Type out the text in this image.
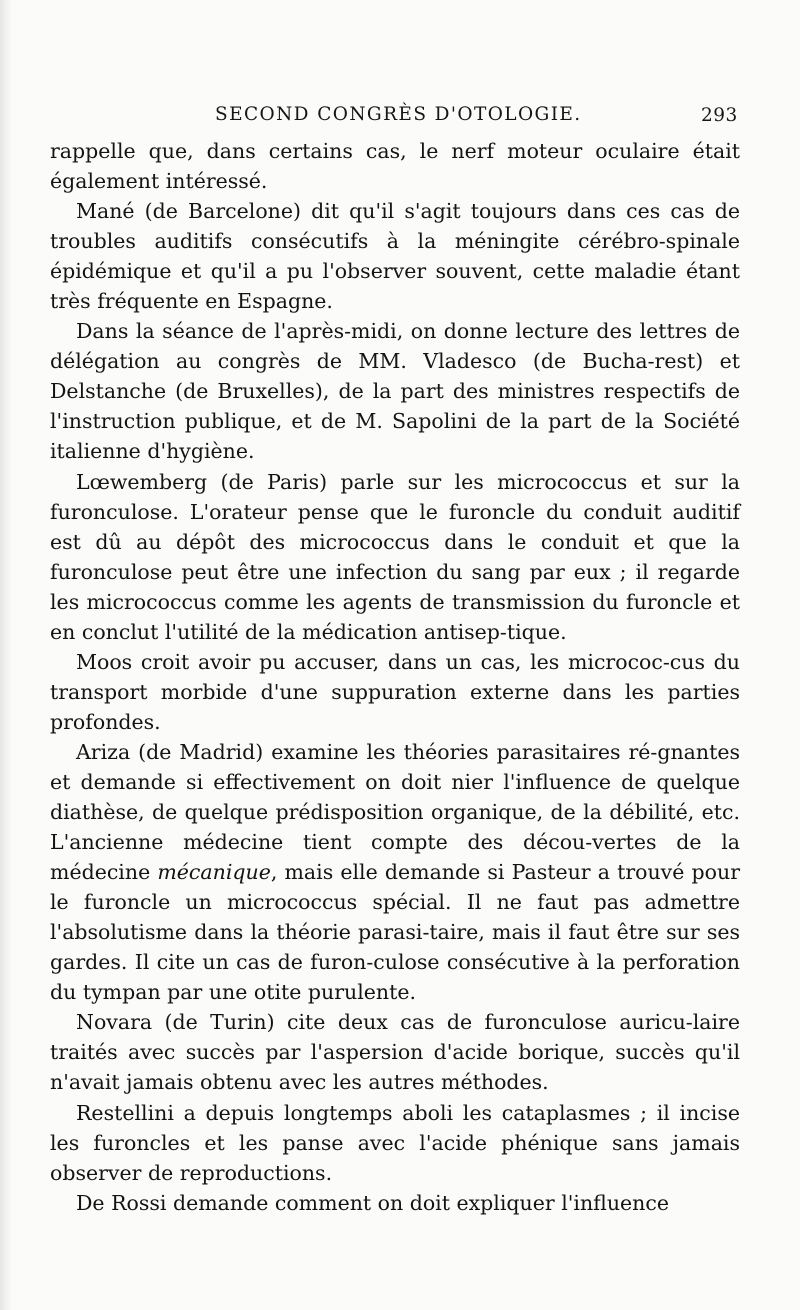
SECOND CONGRÈS D'OTOLOGIE.	293

rappelle que, dans certains cas, le nerf moteur oculaire était également intéressé.

Mané (de Barcelone) dit qu'il s'agit toujours dans ces cas de troubles auditifs consécutifs à la méningite cérébro-spinale épidémique et qu'il a pu l'observer souvent, cette maladie étant très fréquente en Espagne.

Dans la séance de l'après-midi, on donne lecture des lettres de délégation au congrès de MM. Vladesco (de Bucha-rest) et Delstanche (de Bruxelles), de la part des ministres respectifs de l'instruction publique, et de M. Sapolini de la part de la Société italienne d'hygiène.

Lœwemberg (de Paris) parle sur les micrococcus et sur la furonculose. L'orateur pense que le furoncle du conduit auditif est dû au dépôt des micrococcus dans le conduit et que la furonculose peut être une infection du sang par eux ; il regarde les micrococcus comme les agents de transmission du furoncle et en conclut l'utilité de la médication antisep-tique.

Moos croit avoir pu accuser, dans un cas, les micrococ-cus du transport morbide d'une suppuration externe dans les parties profondes.

Ariza (de Madrid) examine les théories parasitaires ré-gnantes et demande si effectivement on doit nier l'influence de quelque diathèse, de quelque prédisposition organique, de la débilité, etc. L'ancienne médecine tient compte des décou-vertes de la médecine mécanique, mais elle demande si Pasteur a trouvé pour le furoncle un micrococcus spécial. Il ne faut pas admettre l'absolutisme dans la théorie parasi-taire, mais il faut être sur ses gardes. Il cite un cas de furon-culose consécutive à la perforation du tympan par une otite purulente.

Novara (de Turin) cite deux cas de furonculose auricu-laire traités avec succès par l'aspersion d'acide borique, succès qu'il n'avait jamais obtenu avec les autres méthodes.

Restellini a depuis longtemps aboli les cataplasmes ; il incise les furoncles et les panse avec l'acide phénique sans jamais observer de reproductions.

De Rossi demande comment on doit expliquer l'influence
